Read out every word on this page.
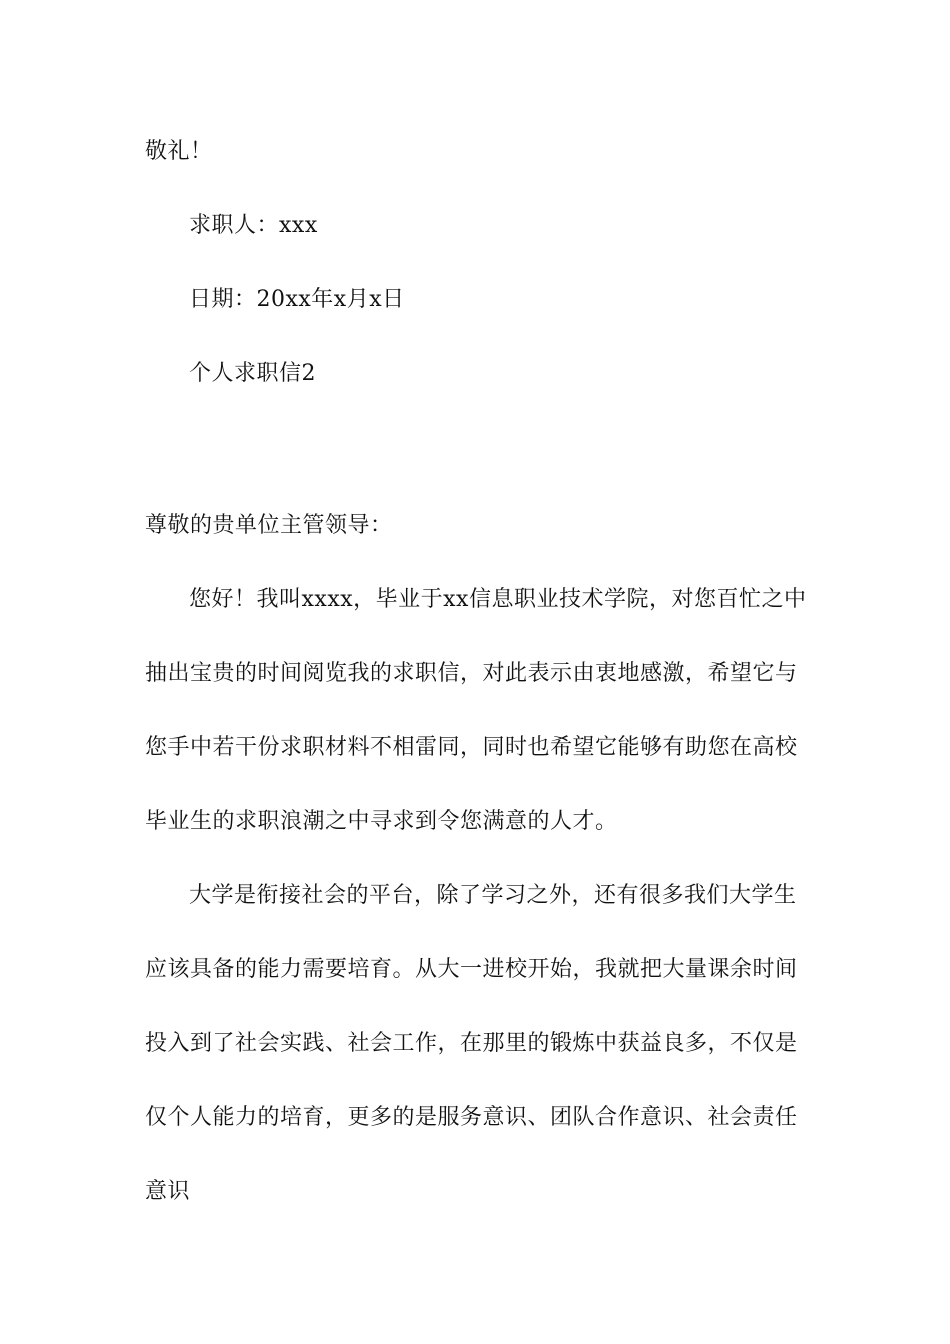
敬礼！
求职人：xxx
日期：20xx年x月x日
个人求职信2
尊敬的贵单位主管领导：
您好！我叫xxxx，毕业于xx信息职业技术学院，对您百忙之中
抽出宝贵的时间阅览我的求职信，对此表示由衷地感激，希望它与
您手中若干份求职材料不相雷同，同时也希望它能够有助您在高校
毕业生的求职浪潮之中寻求到令您满意的人才。
大学是衔接社会的平台，除了学习之外，还有很多我们大学生
应该具备的能力需要培育。从大一进校开始，我就把大量课余时间
投入到了社会实践、社会工作，在那里的锻炼中获益良多，不仅是
仅个人能力的培育，更多的是服务意识、团队合作意识、社会责任
意识
